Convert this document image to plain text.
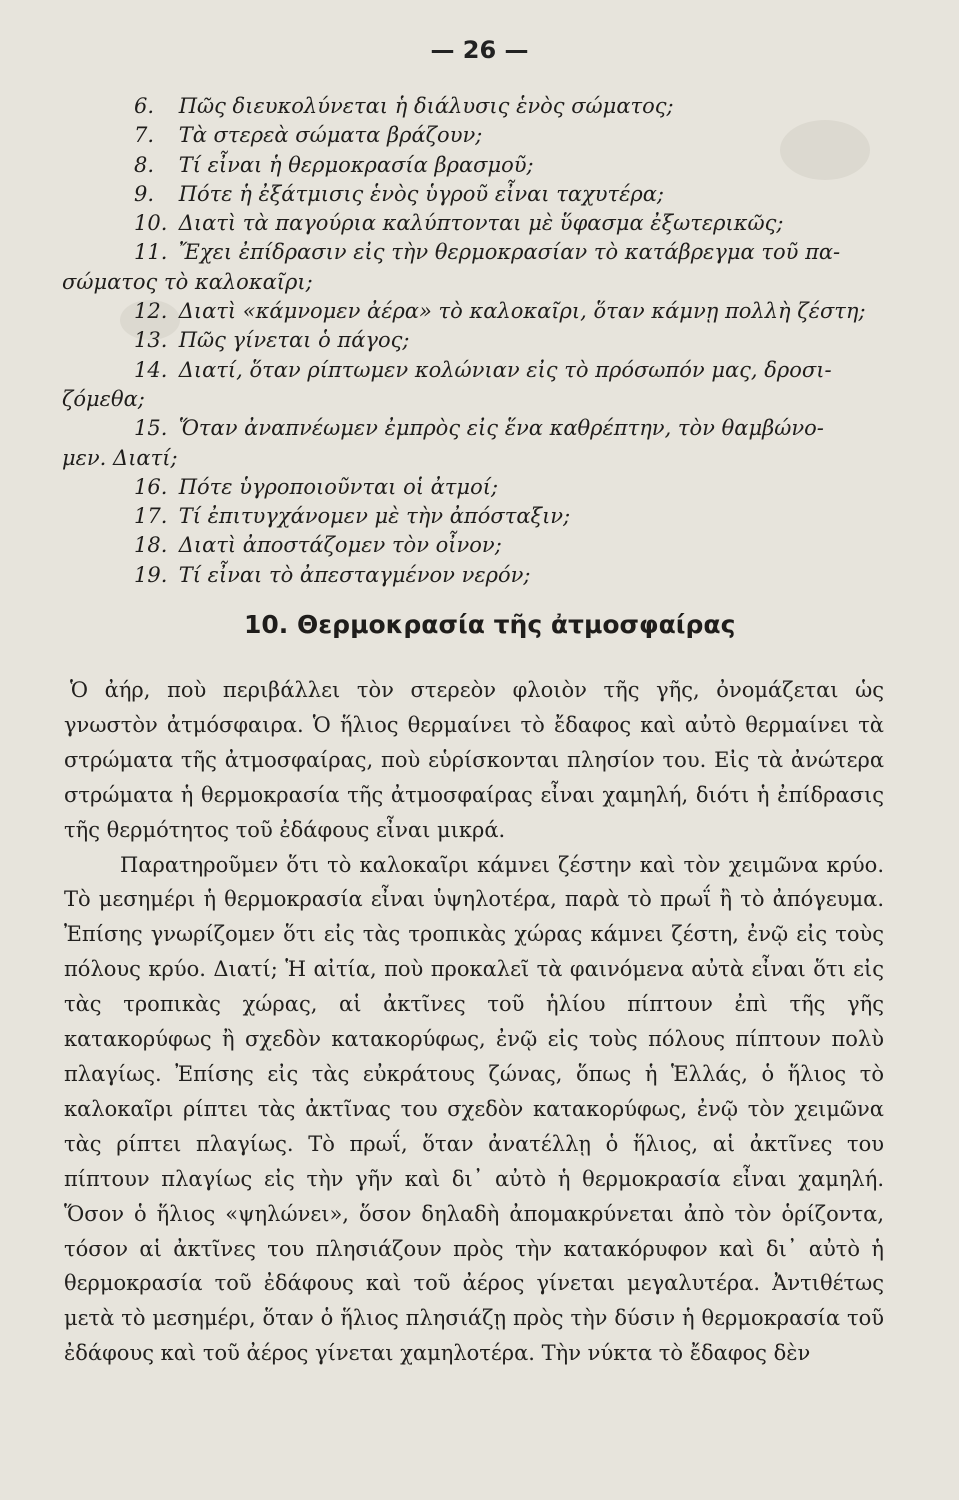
— 26 —

6. Πῶς διευκολύνεται ἡ διάλυσις ἑνὸς σώματος;

7. Τὰ στερεὰ σώματα βράζουν;

8. Τί εἶναι ἡ θερμοκρασία βρασμοῦ;

9. Πότε ἡ ἐξάτμισις ἑνὸς ὑγροῦ εἶναι ταχυτέρα;

10. Διατὶ τὰ παγούρια καλύπτονται μὲ ὕφασμα ἐξωτερικῶς;

11. Ἔχει ἐπίδρασιν εἰς τὴν θερμοκρασίαν τὸ κατάβρεγμα τοῦ πα-
σώματος τὸ καλοκαῖρι;

12. Διατὶ «κάμνομεν ἀέρα» τὸ καλοκαῖρι, ὅταν κάμνῃ πολλὴ ζέστη;

13. Πῶς γίνεται ὁ πάγος;

14. Διατί, ὅταν ρίπτωμεν κολώνιαν εἰς τὸ πρόσωπόν μας, δροσι-
ζόμεθα;

15. Ὅταν ἀναπνέωμεν ἐμπρὸς εἰς ἕνα καθρέπτην, τὸν θαμβώνο-
μεν. Διατί;

16. Πότε ὑγροποιοῦνται οἱ ἀτμοί;

17. Τί ἐπιτυγχάνομεν μὲ τὴν ἀπόσταξιν;

18. Διατὶ ἀποστάζομεν τὸν οἶνον;

19. Τί εἶναι τὸ ἀπεσταγμένον νερόν;

10. Θερμοκρασία τῆς ἀτμοσφαίρας

Ὁ ἀήρ, ποὺ περιβάλλει τὸν στερεὸν φλοιὸν τῆς γῆς, ὀνομάζεται ὡς γνωστὸν ἀτμόσφαιρα. Ὁ ἥλιος θερμαίνει τὸ ἔδαφος καὶ αὐτὸ θερμαίνει τὰ στρώματα τῆς ἀτμοσφαίρας, ποὺ εὑρίσκονται πλησίον του. Εἰς τὰ ἀνώτερα στρώματα ἡ θερμοκρασία τῆς ἀτμοσφαίρας εἶναι χαμηλή, διότι ἡ ἐπίδρασις τῆς θερμότητος τοῦ ἐδάφους εἶναι μικρά.

Παρατηροῦμεν ὅτι τὸ καλοκαῖρι κάμνει ζέστην καὶ τὸν χειμῶνα κρύο. Τὸ μεσημέρι ἡ θερμοκρασία εἶναι ὑψηλοτέρα, παρὰ τὸ πρωΐ ἢ τὸ ἀπόγευμα. Ἐπίσης γνωρίζομεν ὅτι εἰς τὰς τροπικὰς χώρας κάμνει ζέστη, ἐνῷ εἰς τοὺς πόλους κρύο. Διατί; Ἡ αἰτία, ποὺ προκαλεῖ τὰ φαινόμενα αὐτὰ εἶναι ὅτι εἰς τὰς τροπικὰς χώρας, αἱ ἀκτῖνες τοῦ ἡλίου πίπτουν ἐπὶ τῆς γῆς κατακορύφως ἢ σχεδὸν κατακορύφως, ἐνῷ εἰς τοὺς πόλους πίπτουν πολὺ πλαγίως. Ἐπίσης εἰς τὰς εὐκράτους ζώνας, ὅπως ἡ Ἑλλάς, ὁ ἥλιος τὸ καλοκαῖρι ρίπτει τὰς ἀκτῖνας του σχεδὸν κατακορύφως, ἐνῷ τὸν χειμῶνα τὰς ρίπτει πλαγίως. Τὸ πρωΐ, ὅταν ἀνατέλλῃ ὁ ἥλιος, αἱ ἀκτῖνες του πίπτουν πλαγίως εἰς τὴν γῆν καὶ δι᾿ αὐτὸ ἡ θερμοκρασία εἶναι χαμηλή. Ὅσον ὁ ἥλιος «ψηλώνει», ὅσον δηλαδὴ ἀπομακρύνεται ἀπὸ τὸν ὁρίζοντα, τόσον αἱ ἀκτῖνες του πλησιάζουν πρὸς τὴν κατακόρυφον καὶ δι᾿ αὐτὸ ἡ θερμοκρασία τοῦ ἐδάφους καὶ τοῦ ἀέρος γίνεται μεγαλυτέρα. Ἀντιθέτως μετὰ τὸ μεσημέρι, ὅταν ὁ ἥλιος πλησιάζῃ πρὸς τὴν δύσιν ἡ θερμοκρασία τοῦ ἐδάφους καὶ τοῦ ἀέρος γίνεται χαμηλοτέρα. Τὴν νύκτα τὸ ἔδαφος δὲν
